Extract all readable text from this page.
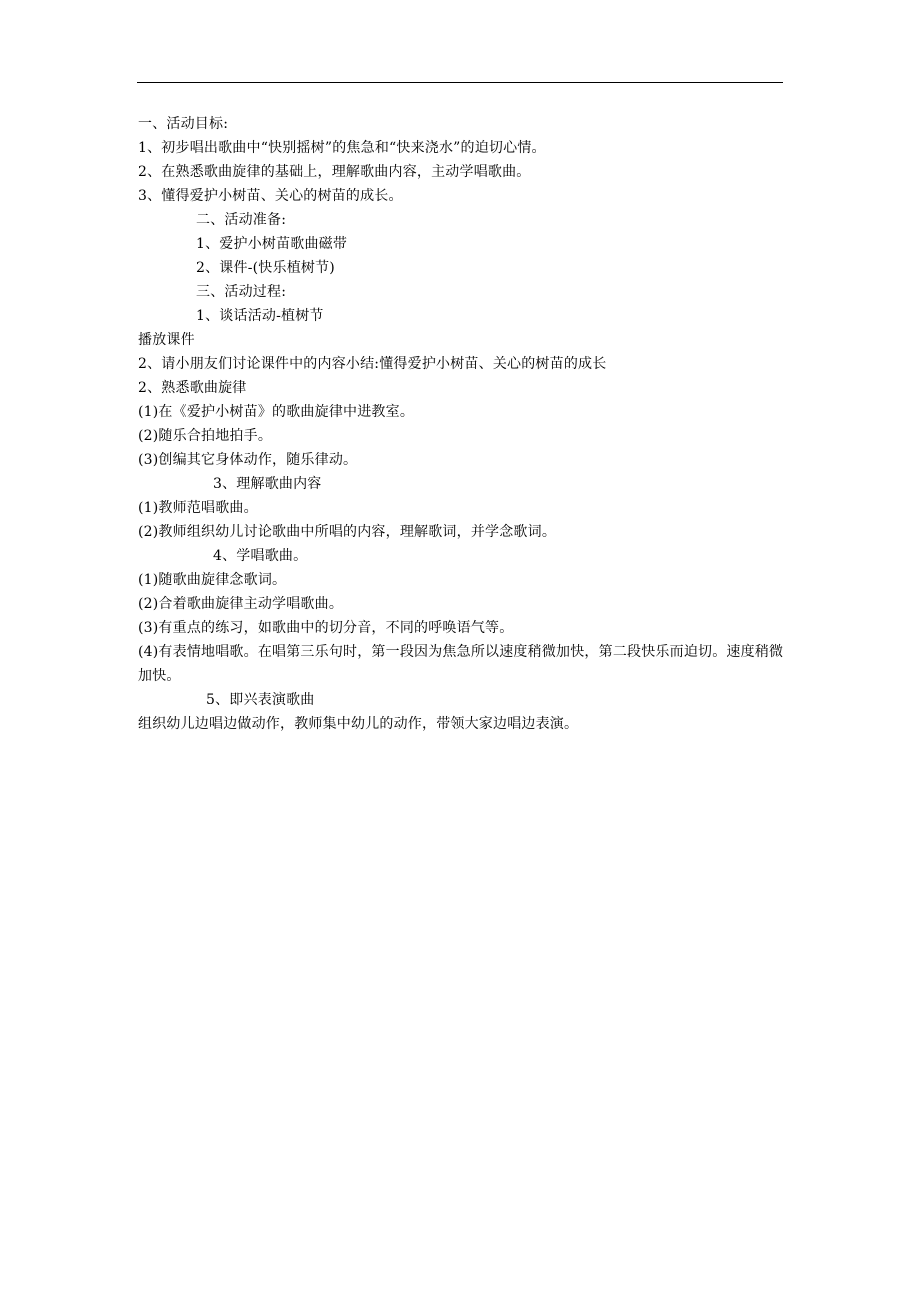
一、活动目标:
1、初步唱出歌曲中“快别摇树”的焦急和“快来浇水”的迫切心情。
2、在熟悉歌曲旋律的基础上，理解歌曲内容，主动学唱歌曲。
3、懂得爱护小树苗、关心的树苗的成长。
二、活动准备:
1、爱护小树苗歌曲磁带
2、课件-(快乐植树节)
三、活动过程:
1、谈话活动-植树节
播放课件
2、请小朋友们讨论课件中的内容小结:懂得爱护小树苗、关心的树苗的成长
2、熟悉歌曲旋律
(1)在《爱护小树苗》的歌曲旋律中进教室。
(2)随乐合拍地拍手。
(3)创编其它身体动作，随乐律动。
3、理解歌曲内容
(1)教师范唱歌曲。
(2)教师组织幼儿讨论歌曲中所唱的内容，理解歌词，并学念歌词。
4、学唱歌曲。
(1)随歌曲旋律念歌词。
(2)合着歌曲旋律主动学唱歌曲。
(3)有重点的练习，如歌曲中的切分音，不同的呼唤语气等。
(4)有表情地唱歌。在唱第三乐句时，第一段因为焦急所以速度稍微加快，第二段快乐而迫切。速度稍微加快。
5、即兴表演歌曲
组织幼儿边唱边做动作，教师集中幼儿的动作，带领大家边唱边表演。
